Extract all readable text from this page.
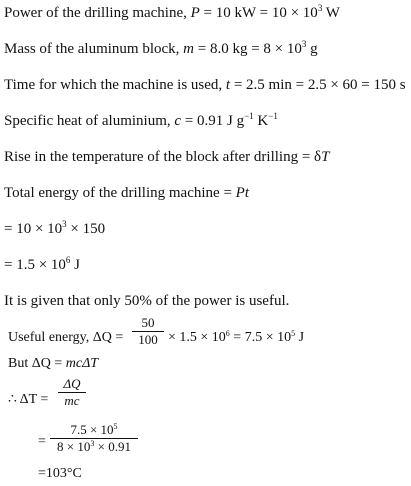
Power of the drilling machine, P = 10 kW = $10 \times 10^3$ W
Mass of the aluminum block, m = 8.0 kg = $8 \times 10^3$ g
Time for which the machine is used, t = 2.5 min = 2.5 × 60 = 150 s
Specific heat of aluminium, c = 0.91 J $g^{-1}$ $K^{-1}$
Rise in the temperature of the block after drilling = δT
Total energy of the drilling machine = Pt
= $10 \times 10^3 \times 150$
= $1.5 \times 10^6$ J
It is given that only 50% of the power is useful.
Useful energy, ΔQ =
50
$100 \times 1.5 \times 10^6 = 7.5 \times 10^5$ J
But ΔQ = mcΔT
∴ ΔT =
ΔQ
mc
=
$7.5 \times 10^5$
$8 \times 10^3 \times 0.91$
=103°C
